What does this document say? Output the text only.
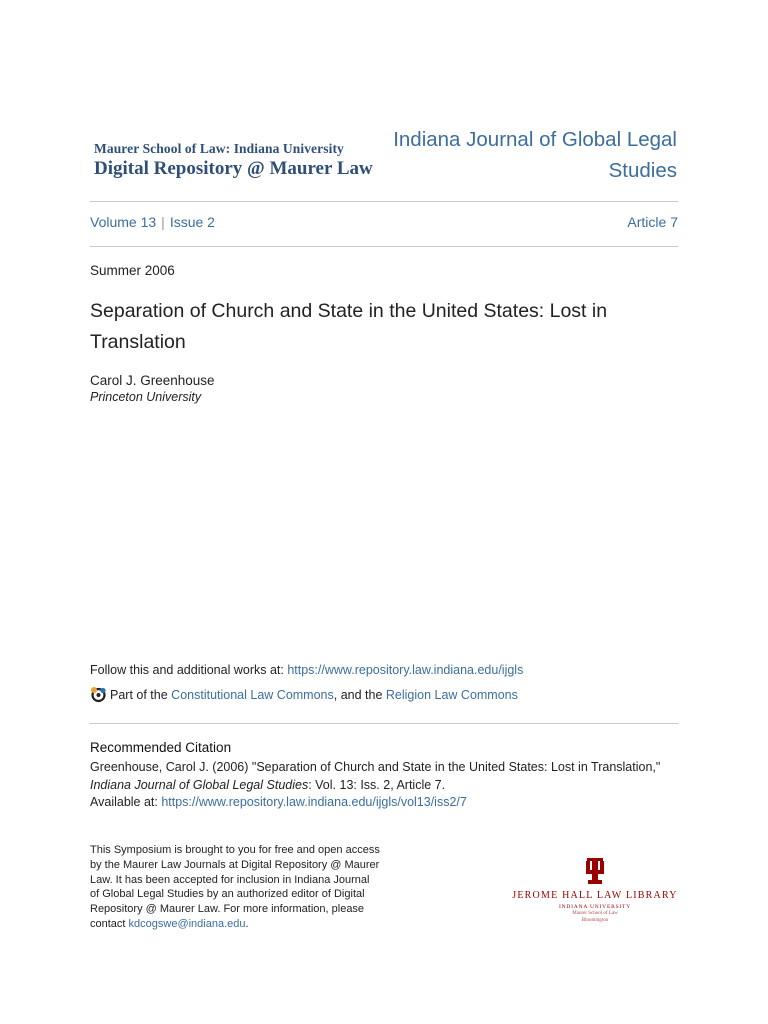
Maurer School of Law: Indiana University
Digital Repository @ Maurer Law
Indiana Journal of Global Legal Studies
Volume 13 | Issue 2	Article 7
Summer 2006
Separation of Church and State in the United States: Lost in Translation
Carol J. Greenhouse
Princeton University
Follow this and additional works at: https://www.repository.law.indiana.edu/ijgls
Part of the
Constitutional Law Commons , and the Religion Law Commons
Recommended Citation
Greenhouse, Carol J. (2006) "Separation of Church and State in the United States: Lost in Translation,"
Indiana Journal of Global Legal Studies: Vol. 13: Iss. 2, Article 7.
Available at: https://www.repository.law.indiana.edu/ijgls/vol13/iss2/7
This Symposium is brought to you for free and open access by the Maurer Law Journals at Digital Repository @ Maurer Law. It has been accepted for inclusion in Indiana Journal of Global Legal Studies by an authorized editor of Digital Repository @ Maurer Law. For more information, please contact kdcogswe@indiana.edu.
JEROME HALL LAW LIBRARY
INDIANA UNIVERSITY
Maurer School of Law
Bloomington
